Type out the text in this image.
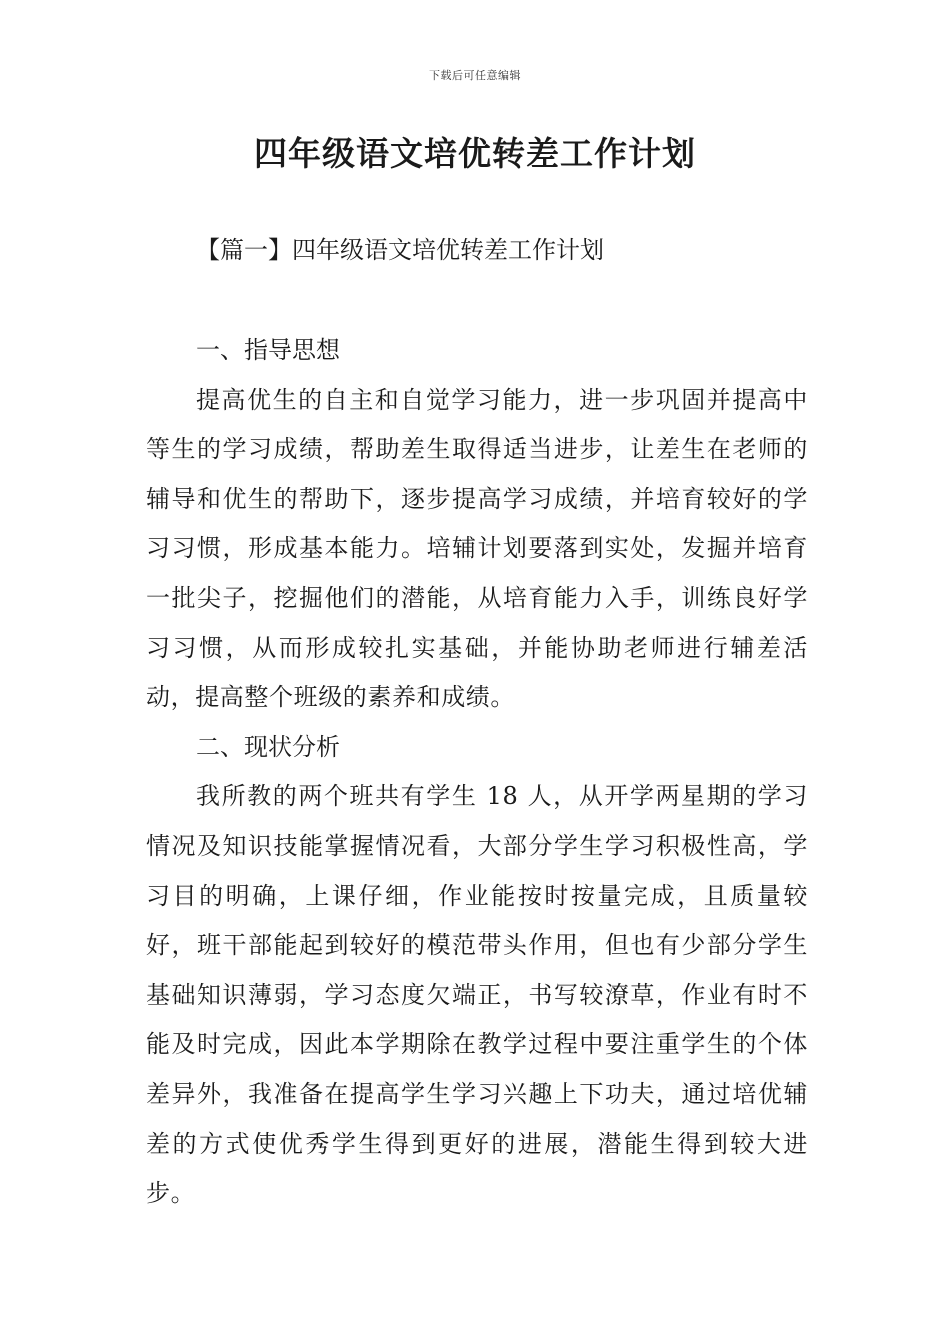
下载后可任意编辑
四年级语文培优转差工作计划

【篇一】四年级语文培优转差工作计划

一、指导思想

提高优生的自主和自觉学习能力，进一步巩固并提高中等生的学习成绩，帮助差生取得适当进步，让差生在老师的辅导和优生的帮助下，逐步提高学习成绩，并培育较好的学习习惯，形成基本能力。培辅计划要落到实处，发掘并培育一批尖子，挖掘他们的潜能，从培育能力入手，训练良好学习习惯，从而形成较扎实基础，并能协助老师进行辅差活动，提高整个班级的素养和成绩。

二、现状分析

我所教的两个班共有学生 18 人，从开学两星期的学习情况及知识技能掌握情况看，大部分学生学习积极性高，学习目的明确，上课仔细，作业能按时按量完成，且质量较好，班干部能起到较好的模范带头作用，但也有少部分学生基础知识薄弱，学习态度欠端正，书写较潦草，作业有时不能及时完成，因此本学期除在教学过程中要注重学生的个体差异外，我准备在提高学生学习兴趣上下功夫，通过培优辅差的方式使优秀学生得到更好的进展，潜能生得到较大进步。
